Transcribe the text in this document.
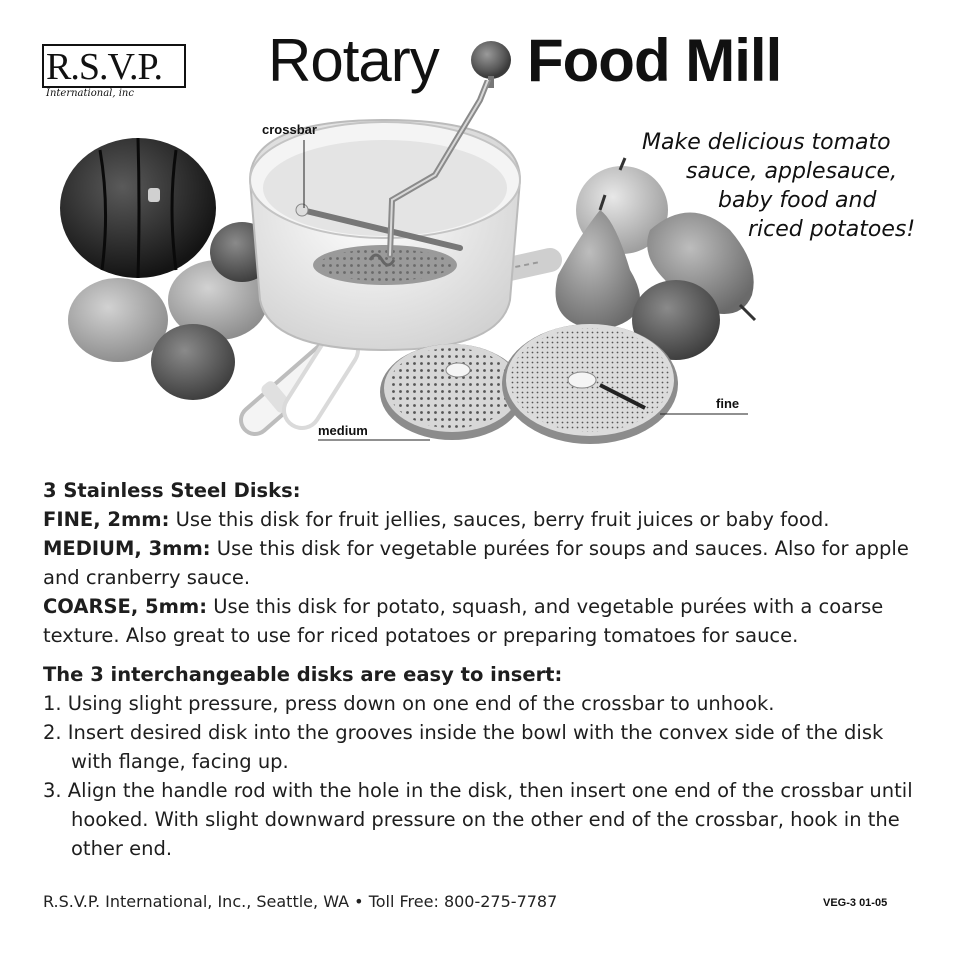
R.S.V.P.
International, inc Rotary Food Mill
crossbar
fine
medium
Make delicious tomato
sauce, applesauce,
baby food and
riced potatoes!

3 Stainless Steel Disks:

FINE, 2mm: Use this disk for fruit jellies, sauces, berry fruit juices or baby food.

MEDIUM, 3mm: Use this disk for vegetable purées for soups and sauces. Also for apple and cranberry sauce.

COARSE, 5mm: Use this disk for potato, squash, and vegetable purées with a coarse texture. Also great to use for riced potatoes or preparing tomatoes for sauce.

The 3 interchangeable disks are easy to insert:

1. Using slight pressure, press down on one end of the crossbar to unhook.

2. Insert desired disk into the grooves inside the bowl with the convex side of the disk with flange, facing up.

3. Align the handle rod with the hole in the disk, then insert one end of the crossbar until hooked. With slight downward pressure on the other end of the crossbar, hook in the other end.

R.S.V.P. International, Inc., Seattle, WA • Toll Free: 800-275-7787	VEG-3 01-05
